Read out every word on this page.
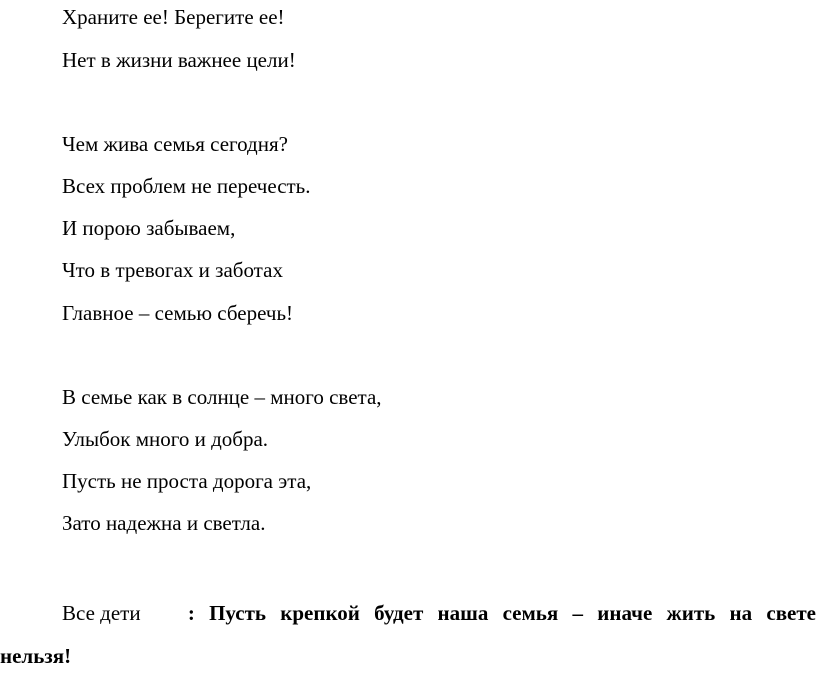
Храните ее! Берегите ее!
Нет в жизни важнее цели!
Чем жива семья сегодня?
Всех проблем не перечесть.
И порою забываем,
Что в тревогах и заботах
Главное – семью сберечь!
В семье как в солнце – много света,
Улыбок много и добра.
Пусть не проста дорога эта,
Зато надежна и светла.
Все дети : Пусть крепкой будет наша семья – иначе жить на свете
нельзя!
